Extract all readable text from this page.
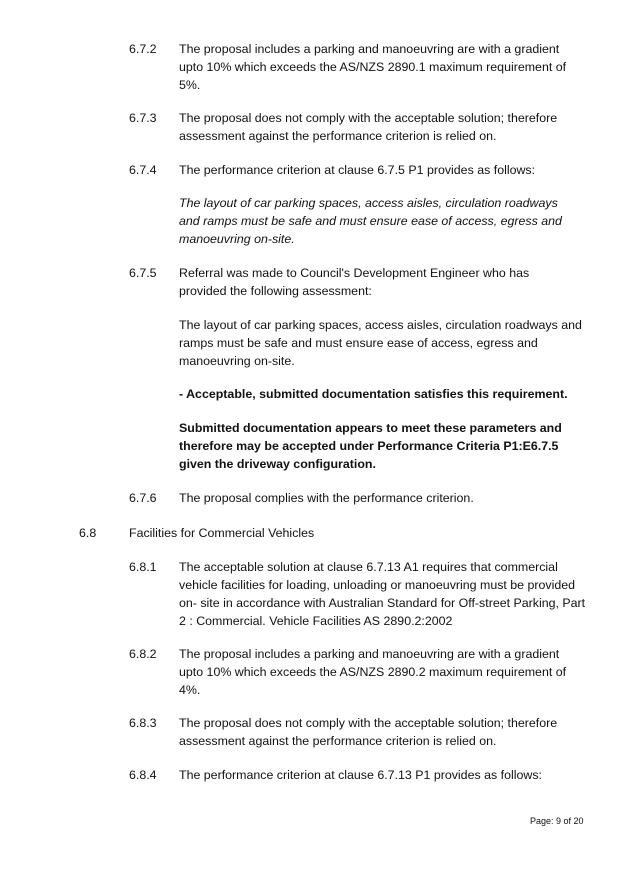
6.7.2 The proposal includes a parking and manoeuvring are with a gradient upto 10% which exceeds the AS/NZS 2890.1 maximum requirement of 5%.

6.7.3 The proposal does not comply with the acceptable solution; therefore assessment against the performance criterion is relied on.

6.7.4 The performance criterion at clause 6.7.5 P1 provides as follows:

The layout of car parking spaces, access aisles, circulation roadways and ramps must be safe and must ensure ease of access, egress and manoeuvring on-site.

6.7.5 Referral was made to Council's Development Engineer who has provided the following assessment:

The layout of car parking spaces, access aisles, circulation roadways and ramps must be safe and must ensure ease of access, egress and manoeuvring on-site.

- Acceptable, submitted documentation satisfies this requirement.

Submitted documentation appears to meet these parameters and therefore may be accepted under Performance Criteria P1:E6.7.5 given the driveway configuration.

6.7.6 The proposal complies with the performance criterion.

6.8	Facilities for Commercial Vehicles

6.8.1 The acceptable solution at clause 6.7.13 A1 requires that commercial vehicle facilities for loading, unloading or manoeuvring must be provided on- site in accordance with Australian Standard for Off-street Parking, Part 2 : Commercial. Vehicle Facilities AS 2890.2:2002

6.8.2 The proposal includes a parking and manoeuvring are with a gradient upto 10% which exceeds the AS/NZS 2890.2 maximum requirement of 4%.

6.8.3 The proposal does not comply with the acceptable solution; therefore assessment against the performance criterion is relied on.

6.8.4 The performance criterion at clause 6.7.13 P1 provides as follows:

Page: 9 of 20
